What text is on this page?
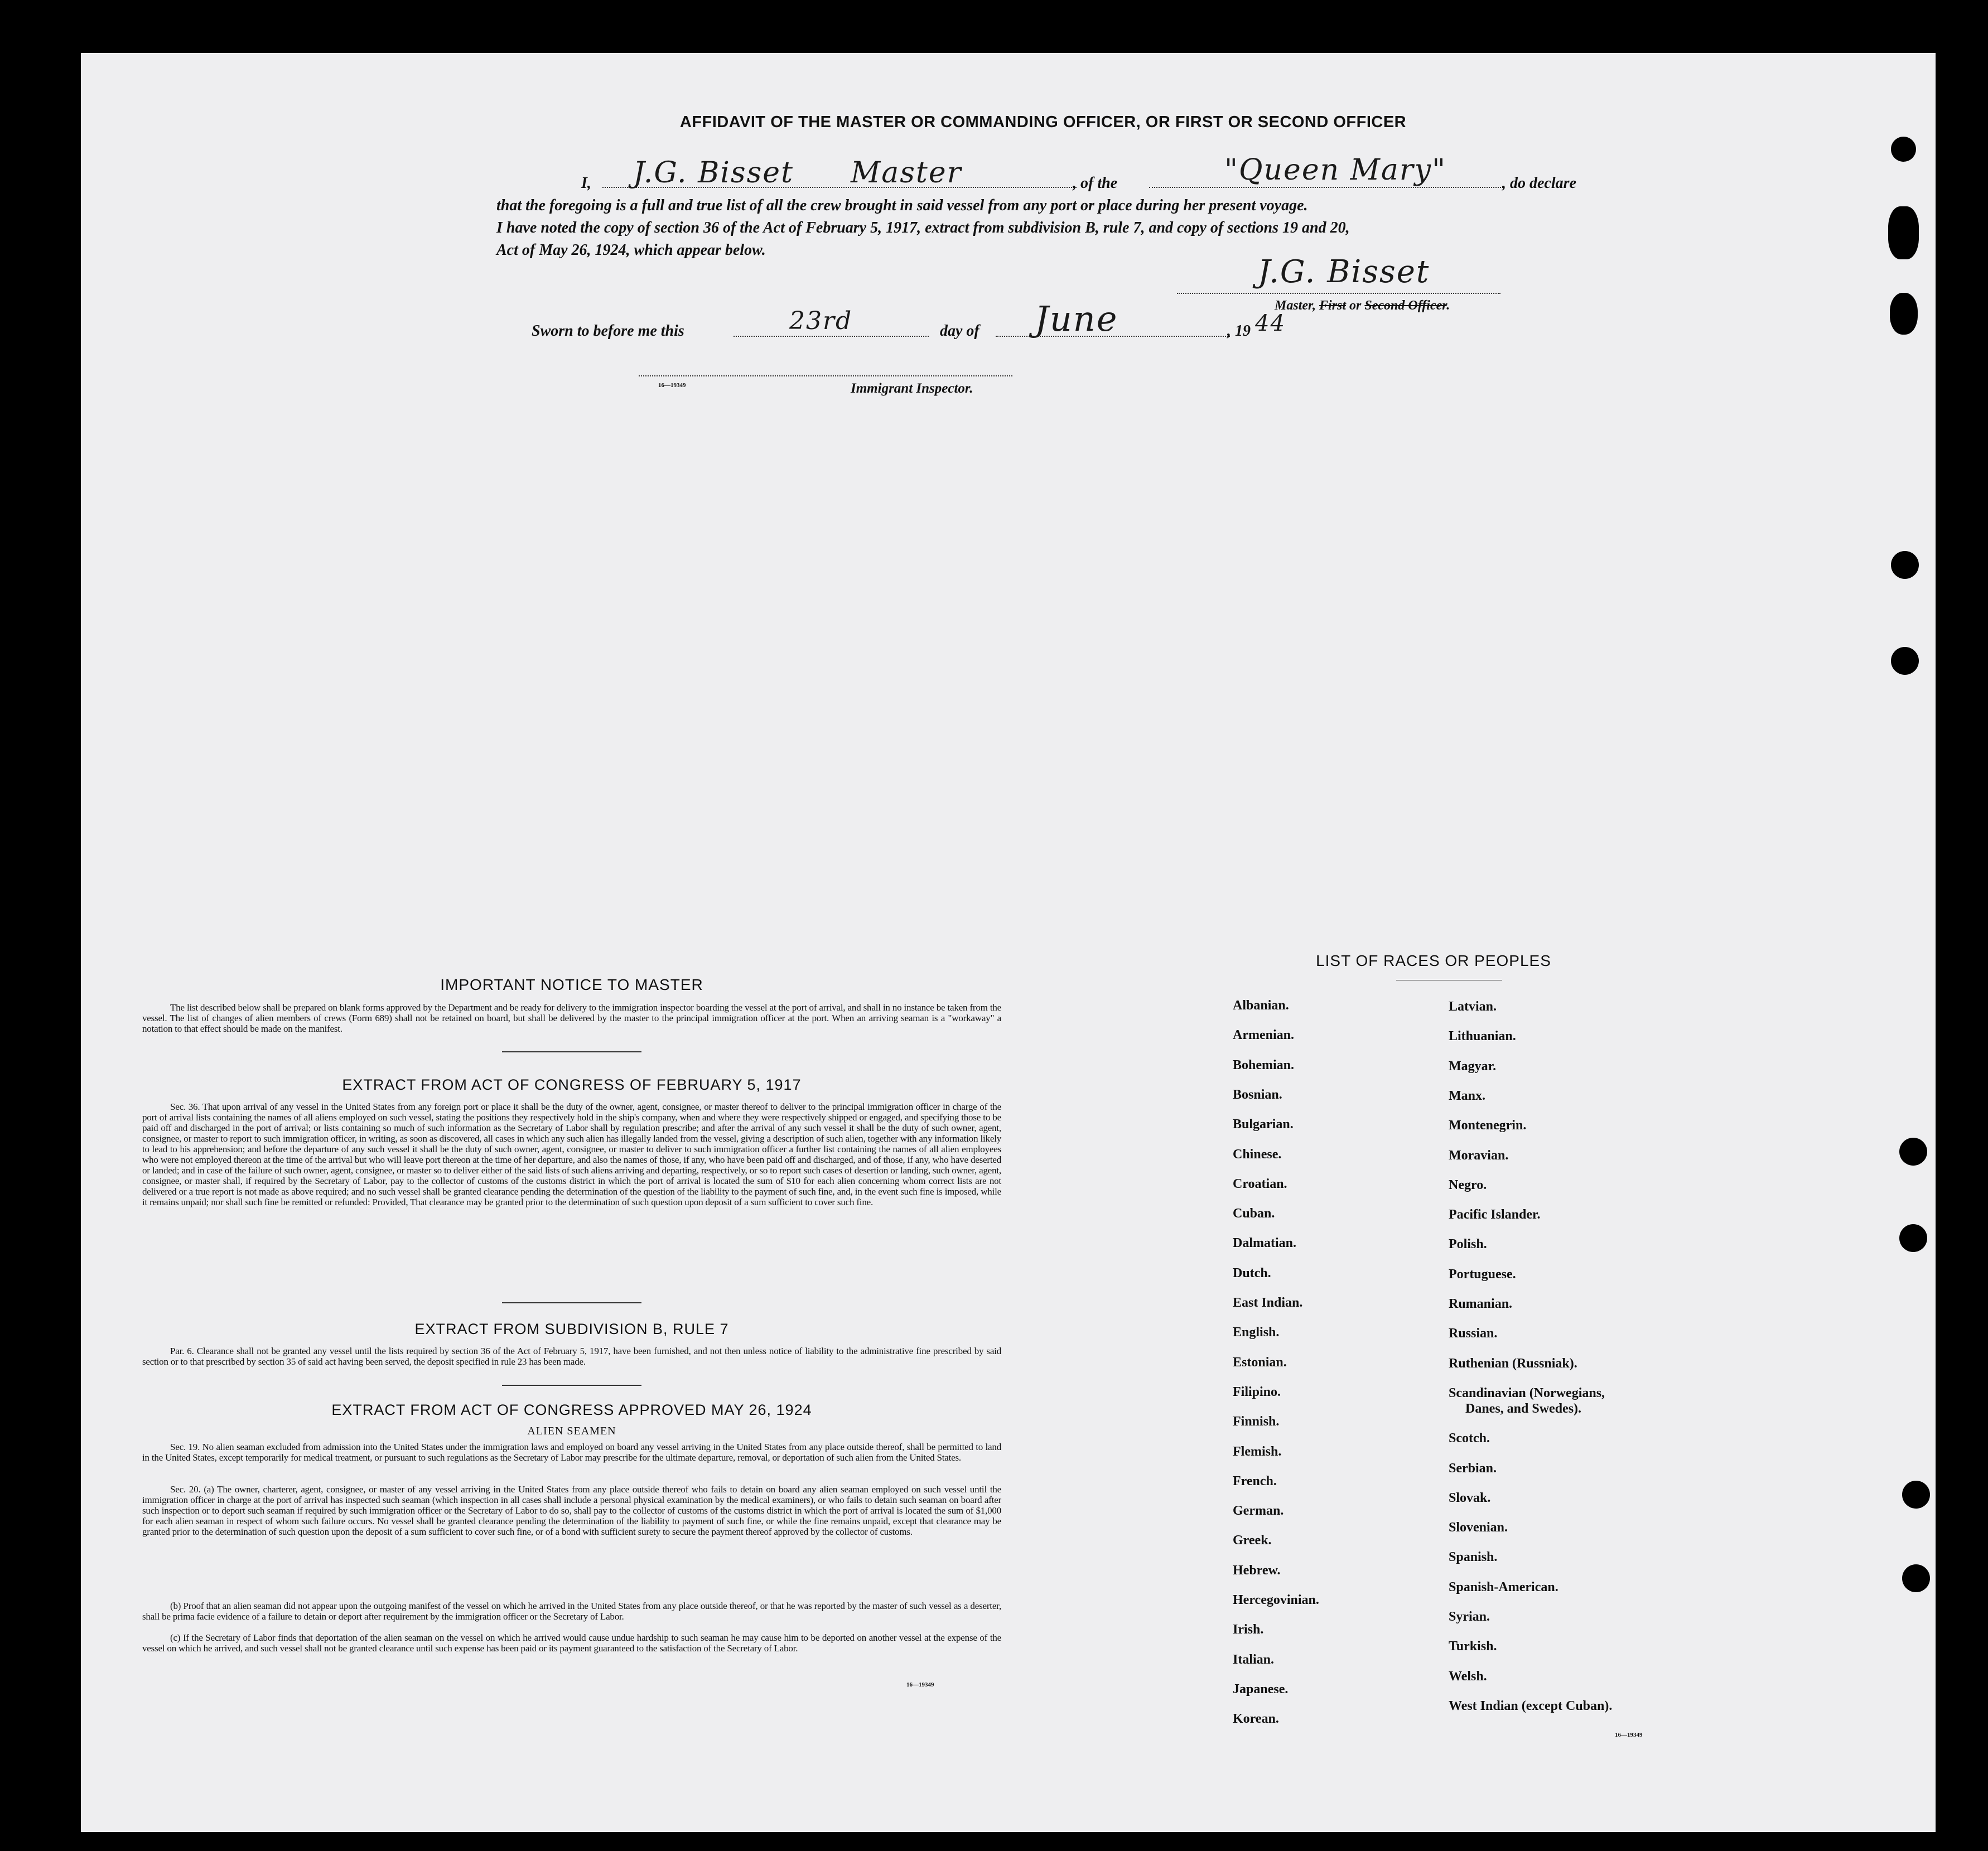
AFFIDAVIT OF THE MASTER OR COMMANDING OFFICER, OR FIRST OR SECOND OFFICER
I, J.G. Bisset Master	, of the	"Queen Mary"	, do declare
that the foregoing is a full and true list of all the crew brought in said vessel from any port or place during her present voyage.
I have noted the copy of section 36 of the Act of February 5, 1917, extract from subdivision B, rule 7, and copy of sections 19 and 20,
Act of May 26, 1924, which appear below.
J.G. Bisset
Master, First or Second Officer.
Sworn to before me this	23rd	day of June	, 19 44
16—19349	Immigrant Inspector.
IMPORTANT NOTICE TO MASTER
The list described below shall be prepared on blank forms approved by the Department and be ready for delivery to the immigration inspector boarding the vessel at the port of arrival, and shall in no instance be taken from the vessel. The list of changes of alien members of crews (Form 689) shall not be retained on board, but shall be delivered by the master to the principal immigration officer at the port. When an arriving seaman is a "workaway" a notation to that effect should be made on the manifest.
EXTRACT FROM ACT OF CONGRESS OF FEBRUARY 5, 1917
Sec. 36. That upon arrival of any vessel in the United States from any foreign port or place it shall be the duty of the owner, agent, consignee, or master thereof to deliver to the principal immigration officer in charge of the port of arrival lists containing the names of all aliens employed on such vessel, stating the positions they respectively hold in the ship's company, when and where they were respectively shipped or engaged, and specifying those to be paid off and discharged in the port of arrival; or lists containing so much of such information as the Secretary of Labor shall by regulation prescribe; and after the arrival of any such vessel it shall be the duty of such owner, agent, consignee, or master to report to such immigration officer, in writing, as soon as discovered, all cases in which any such alien has illegally landed from the vessel, giving a description of such alien, together with any information likely to lead to his apprehension; and before the departure of any such vessel it shall be the duty of such owner, agent, consignee, or master to deliver to such immigration officer a further list containing the names of all alien employees who were not employed thereon at the time of the arrival but who will leave port thereon at the time of her departure, and also the names of those, if any, who have been paid off and discharged, and of those, if any, who have deserted or landed; and in case of the failure of such owner, agent, consignee, or master so to deliver either of the said lists of such aliens arriving and departing, respectively, or so to report such cases of desertion or landing, such owner, agent, consignee, or master shall, if required by the Secretary of Labor, pay to the collector of customs of the customs district in which the port of arrival is located the sum of $10 for each alien concerning whom correct lists are not delivered or a true report is not made as above required; and no such vessel shall be granted clearance pending the determination of the question of the liability to the payment of such fine, and, in the event such fine is imposed, while it remains unpaid; nor shall such fine be remitted or refunded: Provided, That clearance may be granted prior to the determination of such question upon deposit of a sum sufficient to cover such fine.
EXTRACT FROM SUBDIVISION B, RULE 7
Par. 6. Clearance shall not be granted any vessel until the lists required by section 36 of the Act of February 5, 1917, have been furnished, and not then unless notice of liability to the administrative fine prescribed by said section or to that prescribed by section 35 of said act having been served, the deposit specified in rule 23 has been made.
EXTRACT FROM ACT OF CONGRESS APPROVED MAY 26, 1924
ALIEN SEAMEN
Sec. 19. No alien seaman excluded from admission into the United States under the immigration laws and employed on board any vessel arriving in the United States from any place outside thereof, shall be permitted to land in the United States, except temporarily for medical treatment, or pursuant to such regulations as the Secretary of Labor may prescribe for the ultimate departure, removal, or deportation of such alien from the United States.
Sec. 20. (a) The owner, charterer, agent, consignee, or master of any vessel arriving in the United States from any place outside thereof who fails to detain on board any alien seaman employed on such vessel until the immigration officer in charge at the port of arrival has inspected such seaman (which inspection in all cases shall include a personal physical examination by the medical examiners), or who fails to detain such seaman on board after such inspection or to deport such seaman if required by such immigration officer or the Secretary of Labor to do so, shall pay to the collector of customs of the customs district in which the port of arrival is located the sum of $1,000 for each alien seaman in respect of whom such failure occurs. No vessel shall be granted clearance pending the determination of the liability to payment of such fine, or while the fine remains unpaid, except that clearance may be granted prior to the determination of such question upon the deposit of a sum sufficient to cover such fine, or of a bond with sufficient surety to secure the payment thereof approved by the collector of customs.
(b) Proof that an alien seaman did not appear upon the outgoing manifest of the vessel on which he arrived in the United States from any place outside thereof, or that he was reported by the master of such vessel as a deserter, shall be prima facie evidence of a failure to detain or deport after requirement by the immigration officer or the Secretary of Labor.
(c) If the Secretary of Labor finds that deportation of the alien seaman on the vessel on which he arrived would cause undue hardship to such seaman he may cause him to be deported on another vessel at the expense of the vessel on which he arrived, and such vessel shall not be granted clearance until such expense has been paid or its payment guaranteed to the satisfaction of the Secretary of Labor.
16—19349
LIST OF RACES OR PEOPLES
Albanian.
Armenian.
Bohemian.
Bosnian.
Bulgarian.
Chinese.
Croatian.
Cuban.
Dalmatian.
Dutch.
East Indian.
English.
Estonian.
Filipino.
Finnish.
Flemish.
French.
German.
Greek.
Hebrew.
Hercegovinian.
Irish.
Italian.
Japanese.
Korean.
Latvian.
Lithuanian.
Magyar.
Manx.
Montenegrin.
Moravian.
Negro.
Pacific Islander.
Polish.
Portuguese.
Rumanian.
Russian.
Ruthenian (Russniak).
Scandinavian (Norwegians,
Danes, and Swedes).
Scotch.
Serbian.
Slovak.
Slovenian.
Spanish.
Spanish-American.
Syrian.
Turkish.
Welsh.
West Indian (except Cuban).
16—19349
